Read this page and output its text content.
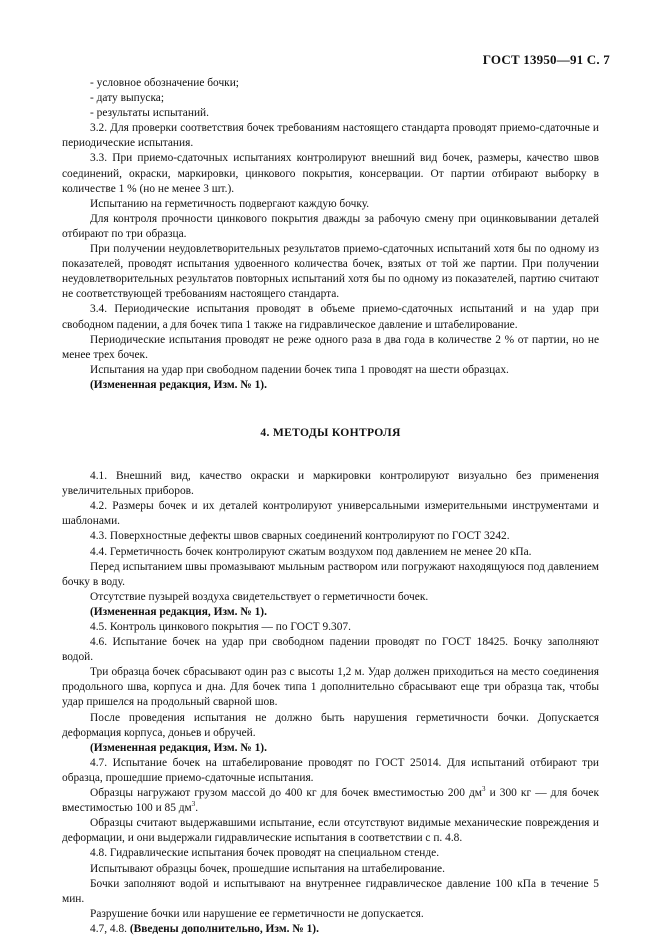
ГОСТ 13950—91 С. 7

- условное обозначение бочки;

- дату выпуска;

- результаты испытаний.

3.2. Для проверки соответствия бочек требованиям настоящего стандарта проводят приемо-сдаточные и периодические испытания.

3.3. При приемо-сдаточных испытаниях контролируют внешний вид бочек, размеры, качество швов соединений, окраски, маркировки, цинкового покрытия, консервации. От партии отбирают выборку в количестве 1 % (но не менее 3 шт.).

Испытанию на герметичность подвергают каждую бочку.

Для контроля прочности цинкового покрытия дважды за рабочую смену при оцинковывании деталей отбирают по три образца.

При получении неудовлетворительных результатов приемо-сдаточных испытаний хотя бы по одному из показателей, проводят испытания удвоенного количества бочек, взятых от той же партии. При получении неудовлетворительных результатов повторных испытаний хотя бы по одному из показателей, партию считают не соответствующей требованиям настоящего стандарта.

3.4. Периодические испытания проводят в объеме приемо-сдаточных испытаний и на удар при свободном падении, а для бочек типа 1 также на гидравлическое давление и штабелирование.

Периодические испытания проводят не реже одного раза в два года в количестве 2 % от партии, но не менее трех бочек.

Испытания на удар при свободном падении бочек типа 1 проводят на шести образцах.

(Измененная редакция, Изм. № 1).

4. МЕТОДЫ КОНТРОЛЯ

4.1. Внешний вид, качество окраски и маркировки контролируют визуально без применения увеличительных приборов.

4.2. Размеры бочек и их деталей контролируют универсальными измерительными инструментами и шаблонами.

4.3. Поверхностные дефекты швов сварных соединений контролируют по ГОСТ 3242.

4.4. Герметичность бочек контролируют сжатым воздухом под давлением не менее 20 кПа.

Перед испытанием швы промазывают мыльным раствором или погружают находящуюся под давлением бочку в воду.

Отсутствие пузырей воздуха свидетельствует о герметичности бочек.

(Измененная редакция, Изм. № 1).

4.5. Контроль цинкового покрытия — по ГОСТ 9.307.

4.6. Испытание бочек на удар при свободном падении проводят по ГОСТ 18425. Бочку заполняют водой.

Три образца бочек сбрасывают один раз с высоты 1,2 м. Удар должен приходиться на место соединения продольного шва, корпуса и дна. Для бочек типа 1 дополнительно сбрасывают еще три образца так, чтобы удар пришелся на продольный сварной шов.

После проведения испытания не должно быть нарушения герметичности бочки. Допускается деформация корпуса, доньев и обручей.

(Измененная редакция, Изм. № 1).

4.7. Испытание бочек на штабелирование проводят по ГОСТ 25014. Для испытаний отбирают три образца, прошедшие приемо-сдаточные испытания.

Образцы нагружают грузом массой до 400 кг для бочек вместимостью 200 $дм^3$ и 300 кг — для бочек вместимостью 100 и 85 $дм^3$.

Образцы считают выдержавшими испытание, если отсутствуют видимые механические повреждения и деформации, и они выдержали гидравлические испытания в соответствии с п. 4.8.

4.8. Гидравлические испытания бочек проводят на специальном стенде.

Испытывают образцы бочек, прошедшие испытания на штабелирование.

Бочки заполняют водой и испытывают на внутреннее гидравлическое давление 100 кПа в течение 5 мин.

Разрушение бочки или нарушение ее герметичности не допускается.

4.7, 4.8. (Введены дополнительно, Изм. № 1).
